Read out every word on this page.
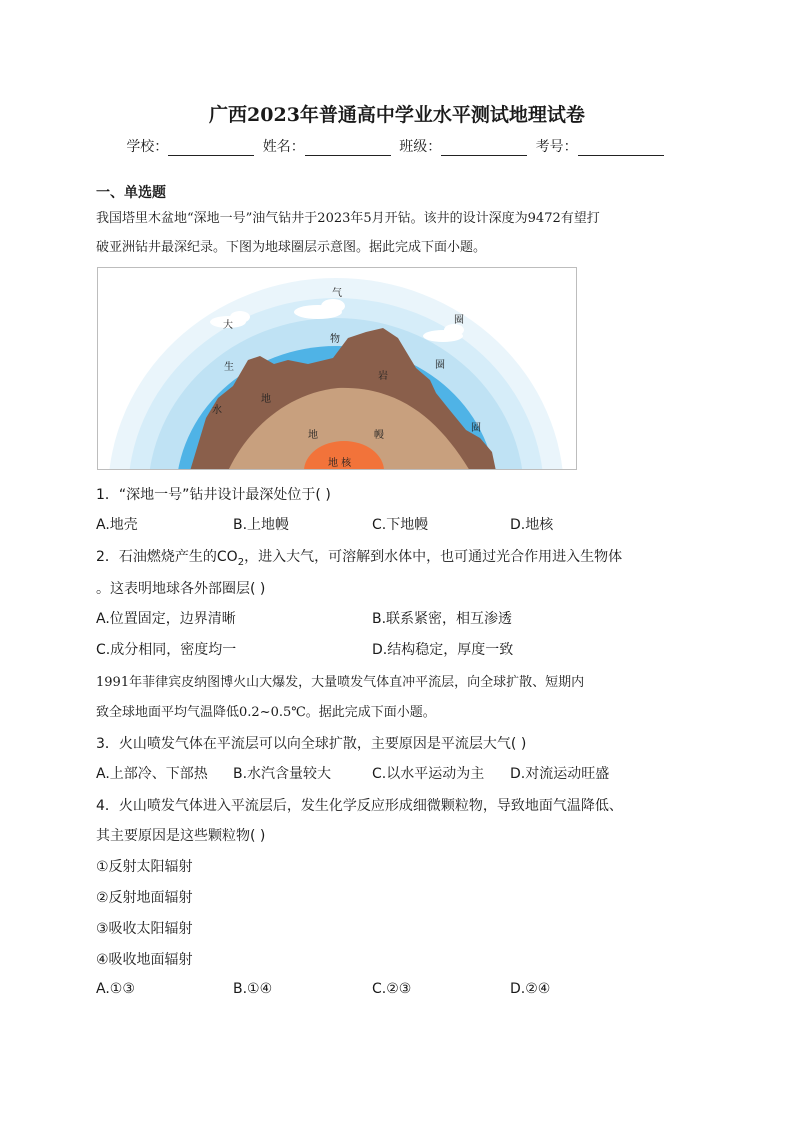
广西2023年普通高中学业水平测试地理试卷
学校：	姓名：	班级：	考号：
一、单选题
我国塔里木盆地“深地一号”油气钻井于2023年5月开钻。该井的设计深度为9472有望打
破亚洲钻井最深纪录。下图为地球圈层示意图。据此完成下面小题。
气
大	圈
物
生	圈
岩
水
地
圈
地	幔
地 核
1．“深地一号”钻井设计最深处位于( )
A.地壳	B.上地幔	C.下地幔	D.地核
2．石油燃烧产生的$CO_2$，进入大气，可溶解到水体中，也可通过光合作用进入生物体
。这表明地球各外部圈层( )
A.位置固定，边界清晰	B.联系紧密，相互渗透
C.成分相同，密度均一	D.结构稳定，厚度一致
1991年菲律宾皮纳图博火山大爆发，大量喷发气体直冲平流层，向全球扩散、短期内
致全球地面平均气温降低0.2~0.5℃。据此完成下面小题。
3．火山喷发气体在平流层可以向全球扩散，主要原因是平流层大气( )
A.上部冷、下部热 B.水汽含量较大	C.以水平运动为主 D.对流运动旺盛
4．火山喷发气体进入平流层后，发生化学反应形成细微颗粒物，导致地面气温降低、
其主要原因是这些颗粒物( )
①反射太阳辐射
②反射地面辐射
③吸收太阳辐射
④吸收地面辐射
A.①③	B.①④	C.②③	D.②④
